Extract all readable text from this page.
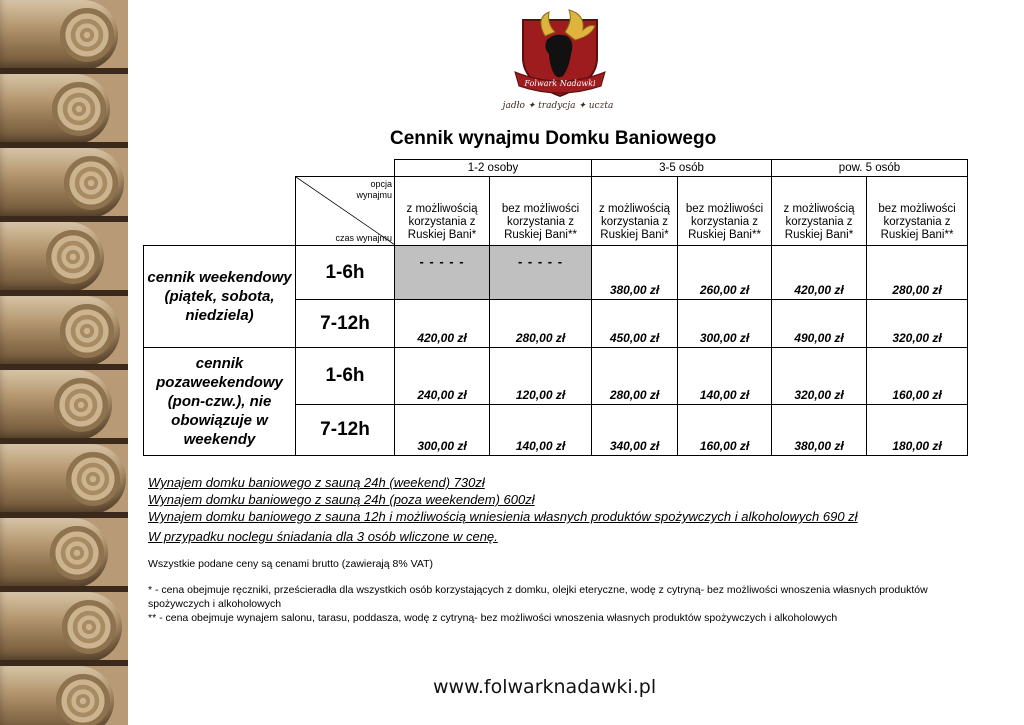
Folwark Nadawki
jadło ✦ tradycja ✦ uczta
Cennik wynajmu Domku Baniowego
		1-2 osoby		3-5 osób		pow. 5 osób	

	opcja
wynajmu
czas wynajmu	z możliwością korzystania z Ruskiej Bani*	bez możliwości korzystania z Ruskiej Bani**	z możliwością korzystania z Ruskiej Bani*	bez możliwości korzystania z Ruskiej Bani**	z możliwością korzystania z Ruskiej Bani*	bez możliwości korzystania z Ruskiej Bani**
cennik weekendowy (piątek, sobota, niedziela)	1-6h	- - - - -	- - - - -	380,00 zł	260,00 zł	420,00 zł	280,00 zł
	7-12h	420,00 zł	280,00 zł	450,00 zł	300,00 zł	490,00 zł	320,00 zł
cennik pozaweekendowy (pon-czw.), nie obowiązuje w weekendy	1-6h	240,00 zł	120,00 zł	280,00 zł	140,00 zł	320,00 zł	160,00 zł
	7-12h	300,00 zł	140,00 zł	340,00 zł	160,00 zł	380,00 zł	180,00 zł
Wynajem domku baniowego z sauną 24h (weekend) 730zł
Wynajem domku baniowego z sauną 24h (poza weekendem) 600zł
Wynajem domku baniowego z sauna 12h i możliwością wniesienia własnych produktów spożywczych i alkoholowych 690 zł
W przypadku noclegu śniadania dla 3 osób wliczone w cenę.
Wszystkie podane ceny są cenami brutto (zawierają 8% VAT)
* - cena obejmuje ręczniki, prześcieradła dla wszystkich osób korzystających z domku, olejki eteryczne, wodę z cytryną- bez możliwości wnoszenia własnych produktów spożywczych i alkoholowych
** - cena obejmuje wynajem salonu, tarasu, poddasza, wodę z cytryną- bez możliwości wnoszenia własnych produktów spożywczych i alkoholowych
www.folwarknadawki.pl
